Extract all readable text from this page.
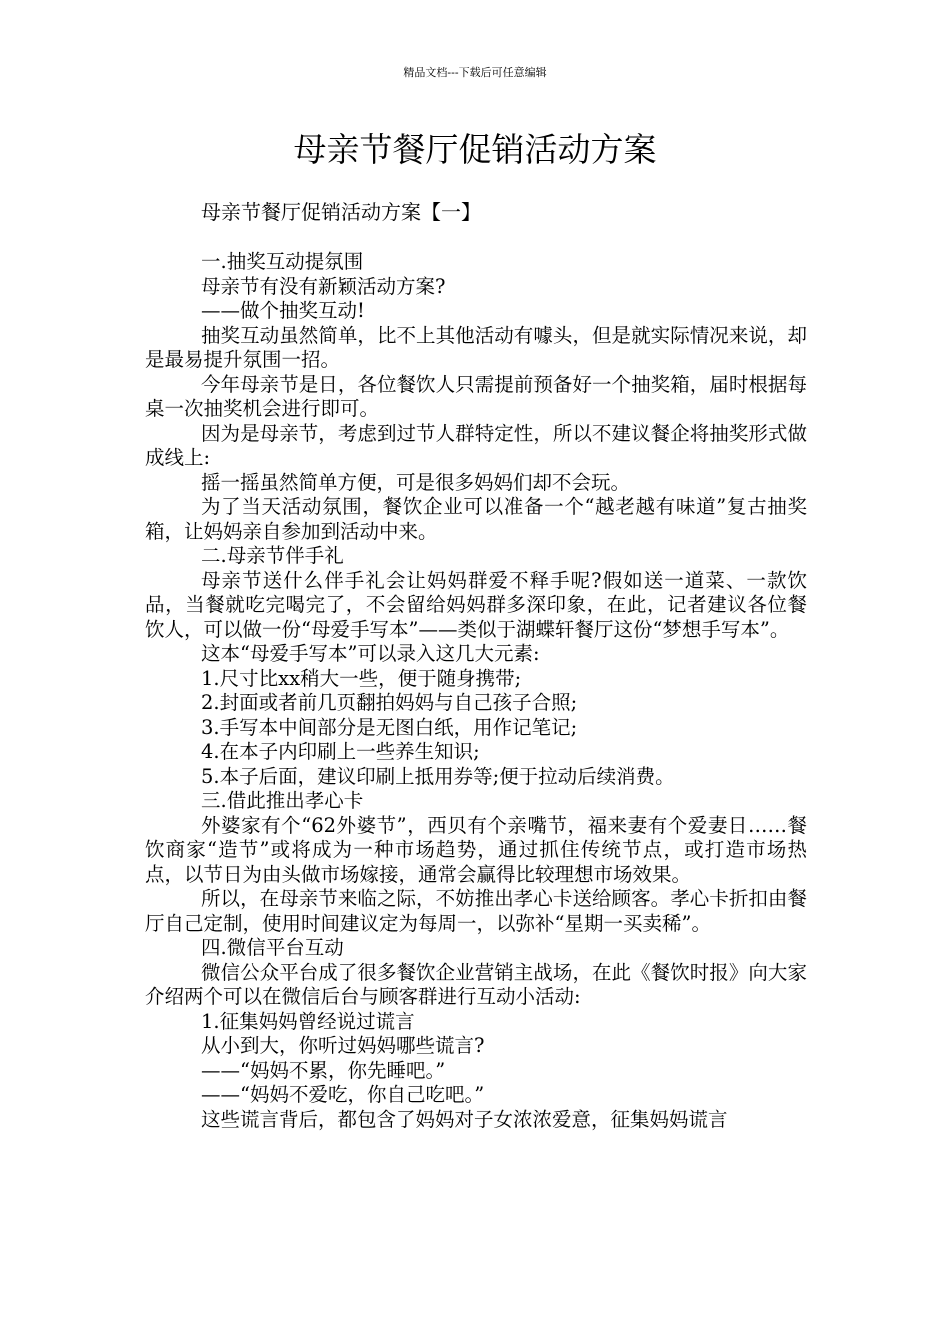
精品文档---下载后可任意编辑
母亲节餐厅促销活动方案
母亲节餐厅促销活动方案【一】

一.抽奖互动提氛围

母亲节有没有新颖活动方案?

——做个抽奖互动!

抽奖互动虽然简单，比不上其他活动有噱头，但是就实际情况来说，却是最易提升氛围一招。

今年母亲节是日，各位餐饮人只需提前预备好一个抽奖箱，届时根据每桌一次抽奖机会进行即可。

因为是母亲节，考虑到过节人群特定性，所以不建议餐企将抽奖形式做成线上:

摇一摇虽然简单方便，可是很多妈妈们却不会玩。

为了当天活动氛围，餐饮企业可以准备一个“越老越有味道”复古抽奖箱，让妈妈亲自参加到活动中来。

二.母亲节伴手礼

母亲节送什么伴手礼会让妈妈群爱不释手呢?假如送一道菜、一款饮品，当餐就吃完喝完了，不会留给妈妈群多深印象，在此，记者建议各位餐饮人，可以做一份“母爱手写本”——类似于湖蝶轩餐厅这份“梦想手写本”。

这本“母爱手写本”可以录入这几大元素:

1.尺寸比xx稍大一些，便于随身携带;

2.封面或者前几页翻拍妈妈与自己孩子合照;

3.手写本中间部分是无图白纸，用作记笔记;

4.在本子内印刷上一些养生知识;

5.本子后面，建议印刷上抵用券等;便于拉动后续消费。

三.借此推出孝心卡

外婆家有个“62外婆节”，西贝有个亲嘴节，福来妻有个爱妻日……餐饮商家“造节”或将成为一种市场趋势，通过抓住传统节点，或打造市场热点，以节日为由头做市场嫁接，通常会赢得比较理想市场效果。

所以，在母亲节来临之际，不妨推出孝心卡送给顾客。孝心卡折扣由餐厅自己定制，使用时间建议定为每周一，以弥补“星期一买卖稀”。

四.微信平台互动

微信公众平台成了很多餐饮企业营销主战场，在此《餐饮时报》向大家介绍两个可以在微信后台与顾客群进行互动小活动:

1.征集妈妈曾经说过谎言

从小到大，你听过妈妈哪些谎言?

——“妈妈不累，你先睡吧。”

——“妈妈不爱吃，你自己吃吧。”

这些谎言背后，都包含了妈妈对子女浓浓爱意，征集妈妈谎言
